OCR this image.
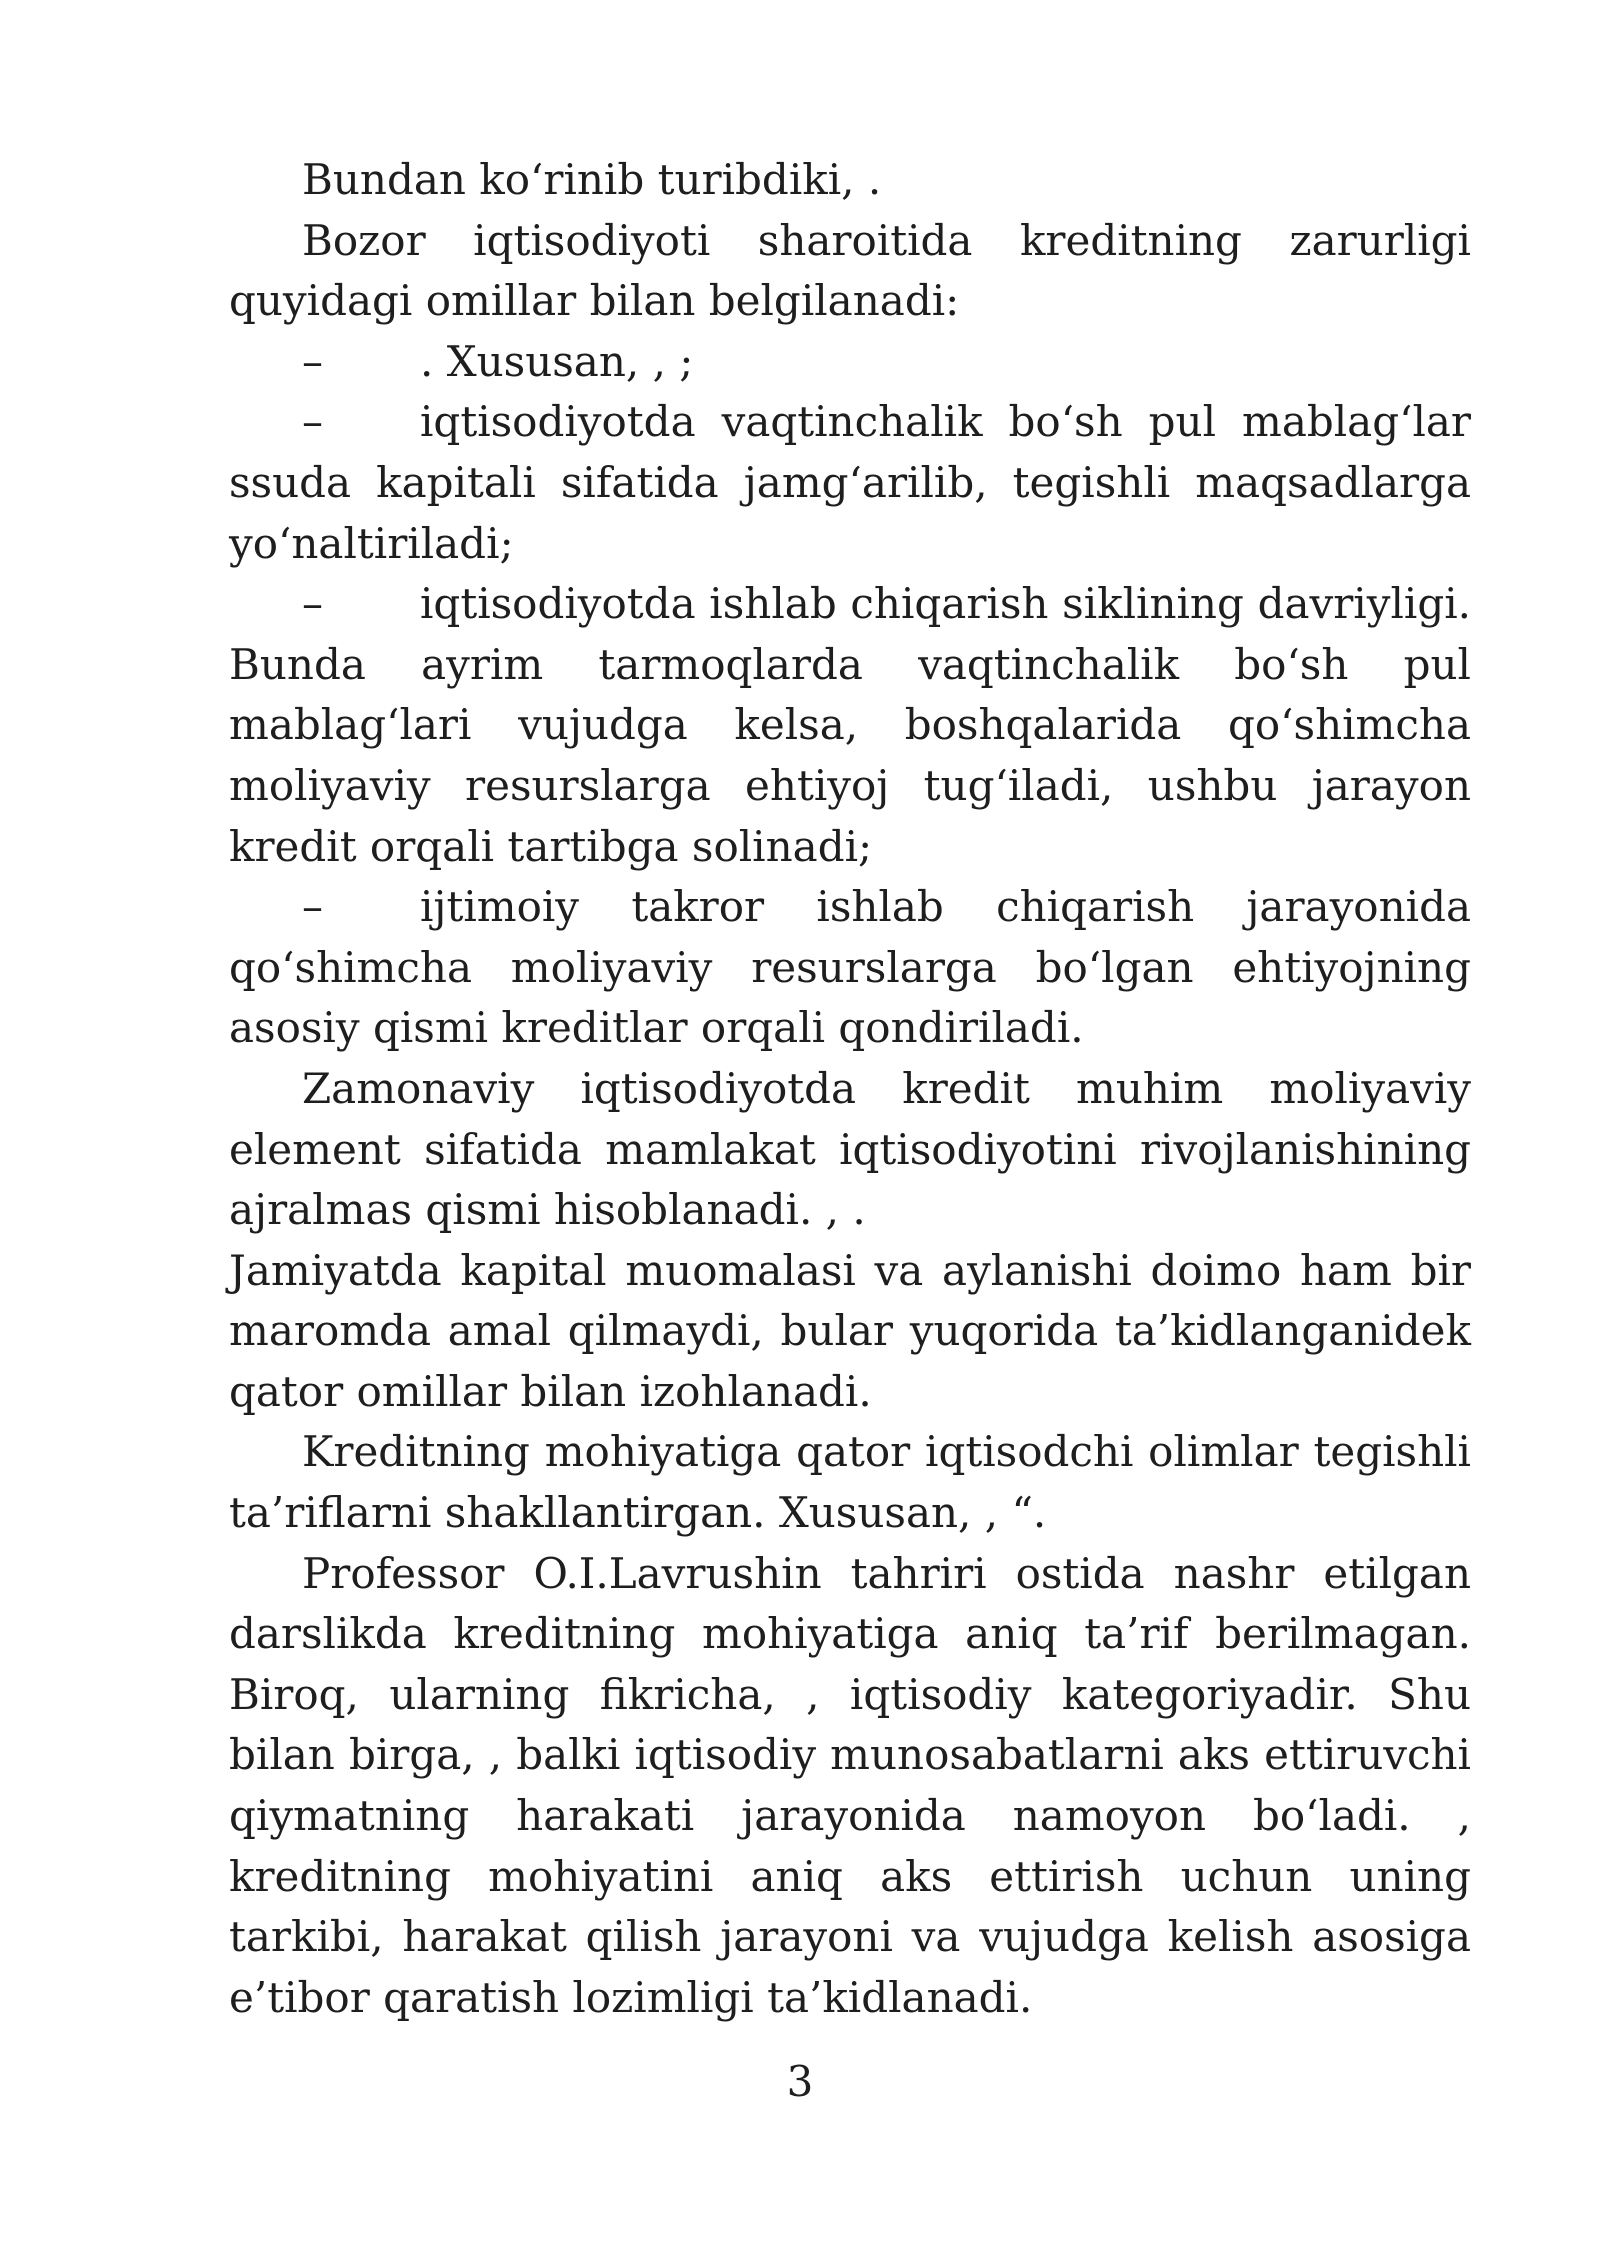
Bundan ko‘rinib turibdiki, .

Bozor iqtisodiyoti sharoitida kreditning zarurligi quyidagi omillar bilan belgilanadi:

– . Xususan, , ;

– iqtisodiyotda vaqtinchalik bo‘sh pul mablag‘lar ssuda kapitali sifatida jamg‘arilib, tegishli maqsadlarga yo‘naltiriladi;

– iqtisodiyotda ishlab chiqarish siklining davriyligi. Bunda ayrim tarmoqlarda vaqtinchalik bo‘sh pul mablag‘lari vujudga kelsa, boshqalarida qo‘shimcha moliyaviy resurslarga ehtiyoj tug‘iladi, ushbu jarayon kredit orqali tartibga solinadi;

– ijtimoiy takror ishlab chiqarish jarayonida qo‘shimcha moliyaviy resurslarga bo‘lgan ehtiyojning asosiy qismi kreditlar orqali qondiriladi.

Zamonaviy iqtisodiyotda kredit muhim moliyaviy element sifatida mamlakat iqtisodiyotini rivojlanishining ajralmas qismi hisoblanadi. , .

Jamiyatda kapital muomalasi va aylanishi doimo ham bir maromda amal qilmaydi, bular yuqorida ta’kidlanganidek qator omillar bilan izohlanadi.

Kreditning mohiyatiga qator iqtisodchi olimlar tegishli ta’riflarni shakllantirgan. Xususan, , “.

Professor O.I.Lavrushin tahriri ostida nashr etilgan darslikda kreditning mohiyatiga aniq ta’rif berilmagan. Biroq, ularning fikricha, , iqtisodiy kategoriyadir. Shu bilan birga, , balki iqtisodiy munosabatlarni aks ettiruvchi qiymatning harakati jarayonida namoyon bo‘ladi. , kreditning mohiyatini aniq aks ettirish uchun uning tarkibi, harakat qilish jarayoni va vujudga kelish asosiga e’tibor qaratish lozimligi ta’kidlanadi.

3
